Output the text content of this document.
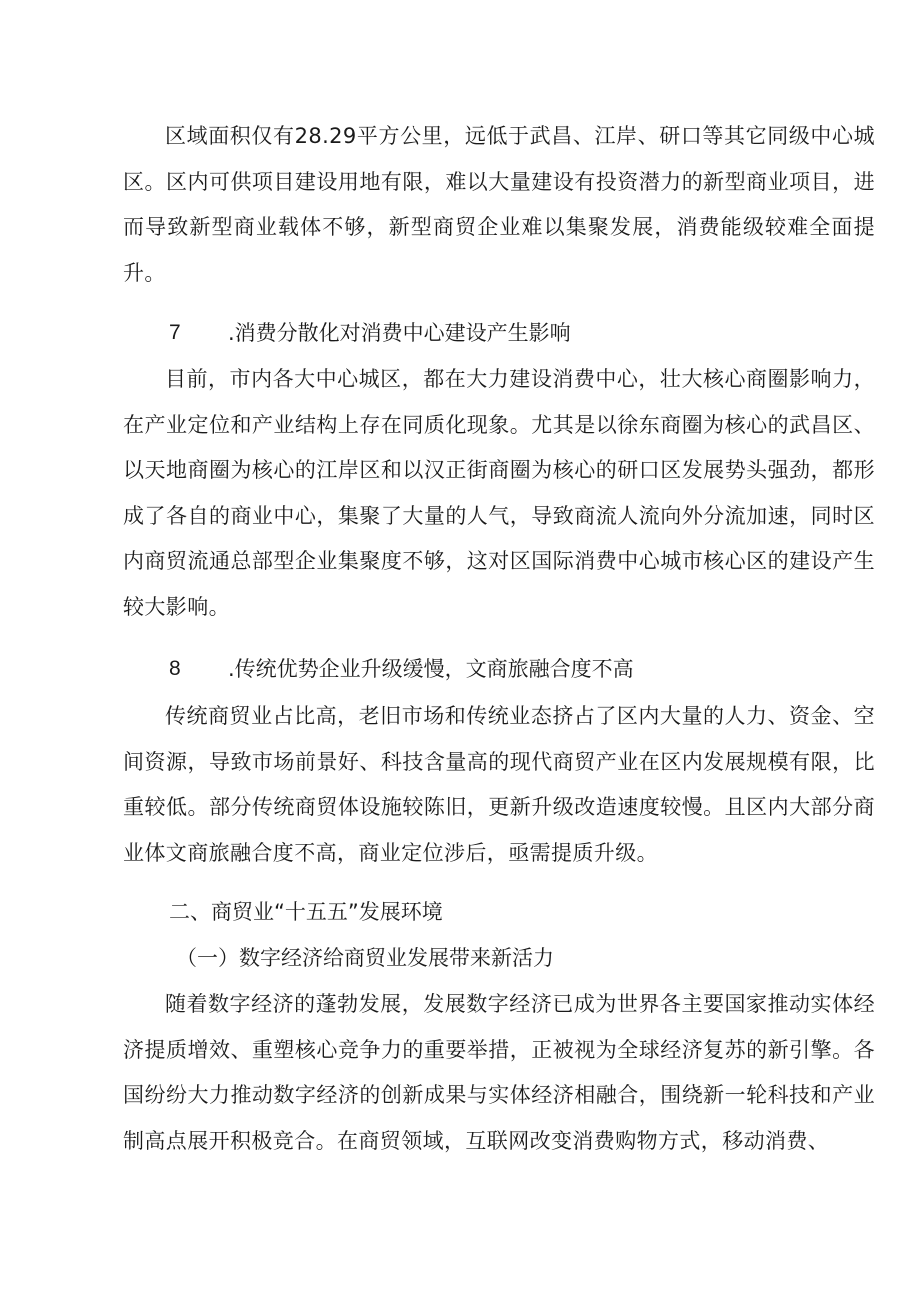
区域面积仅有28.29平方公里，远低于武昌、江岸、研口等其它同级中心城区。区内可供项目建设用地有限，难以大量建设有投资潜力的新型商业项目，进而导致新型商业载体不够，新型商贸企业难以集聚发展，消费能级较难全面提升。

7 .消费分散化对消费中心建设产生影响

目前，市内各大中心城区，都在大力建设消费中心，壮大核心商圈影响力，在产业定位和产业结构上存在同质化现象。尤其是以徐东商圈为核心的武昌区、以天地商圈为核心的江岸区和以汉正街商圈为核心的研口区发展势头强劲，都形成了各自的商业中心，集聚了大量的人气，导致商流人流向外分流加速，同时区内商贸流通总部型企业集聚度不够，这对区国际消费中心城市核心区的建设产生较大影响。

8 .传统优势企业升级缓慢，文商旅融合度不高

传统商贸业占比高，老旧市场和传统业态挤占了区内大量的人力、资金、空间资源，导致市场前景好、科技含量高的现代商贸产业在区内发展规模有限，比重较低。部分传统商贸体设施较陈旧，更新升级改造速度较慢。且区内大部分商业体文商旅融合度不高，商业定位涉后，亟需提质升级。

二、商贸业“十五五”发展环境
（一）数字经济给商贸业发展带来新活力

随着数字经济的蓬勃发展，发展数字经济已成为世界各主要国家推动实体经济提质增效、重塑核心竞争力的重要举措，正被视为全球经济复苏的新引擎。各国纷纷大力推动数字经济的创新成果与实体经济相融合，围绕新一轮科技和产业制高点展开积极竞合。在商贸领域，互联网改变消费购物方式，移动消费、
